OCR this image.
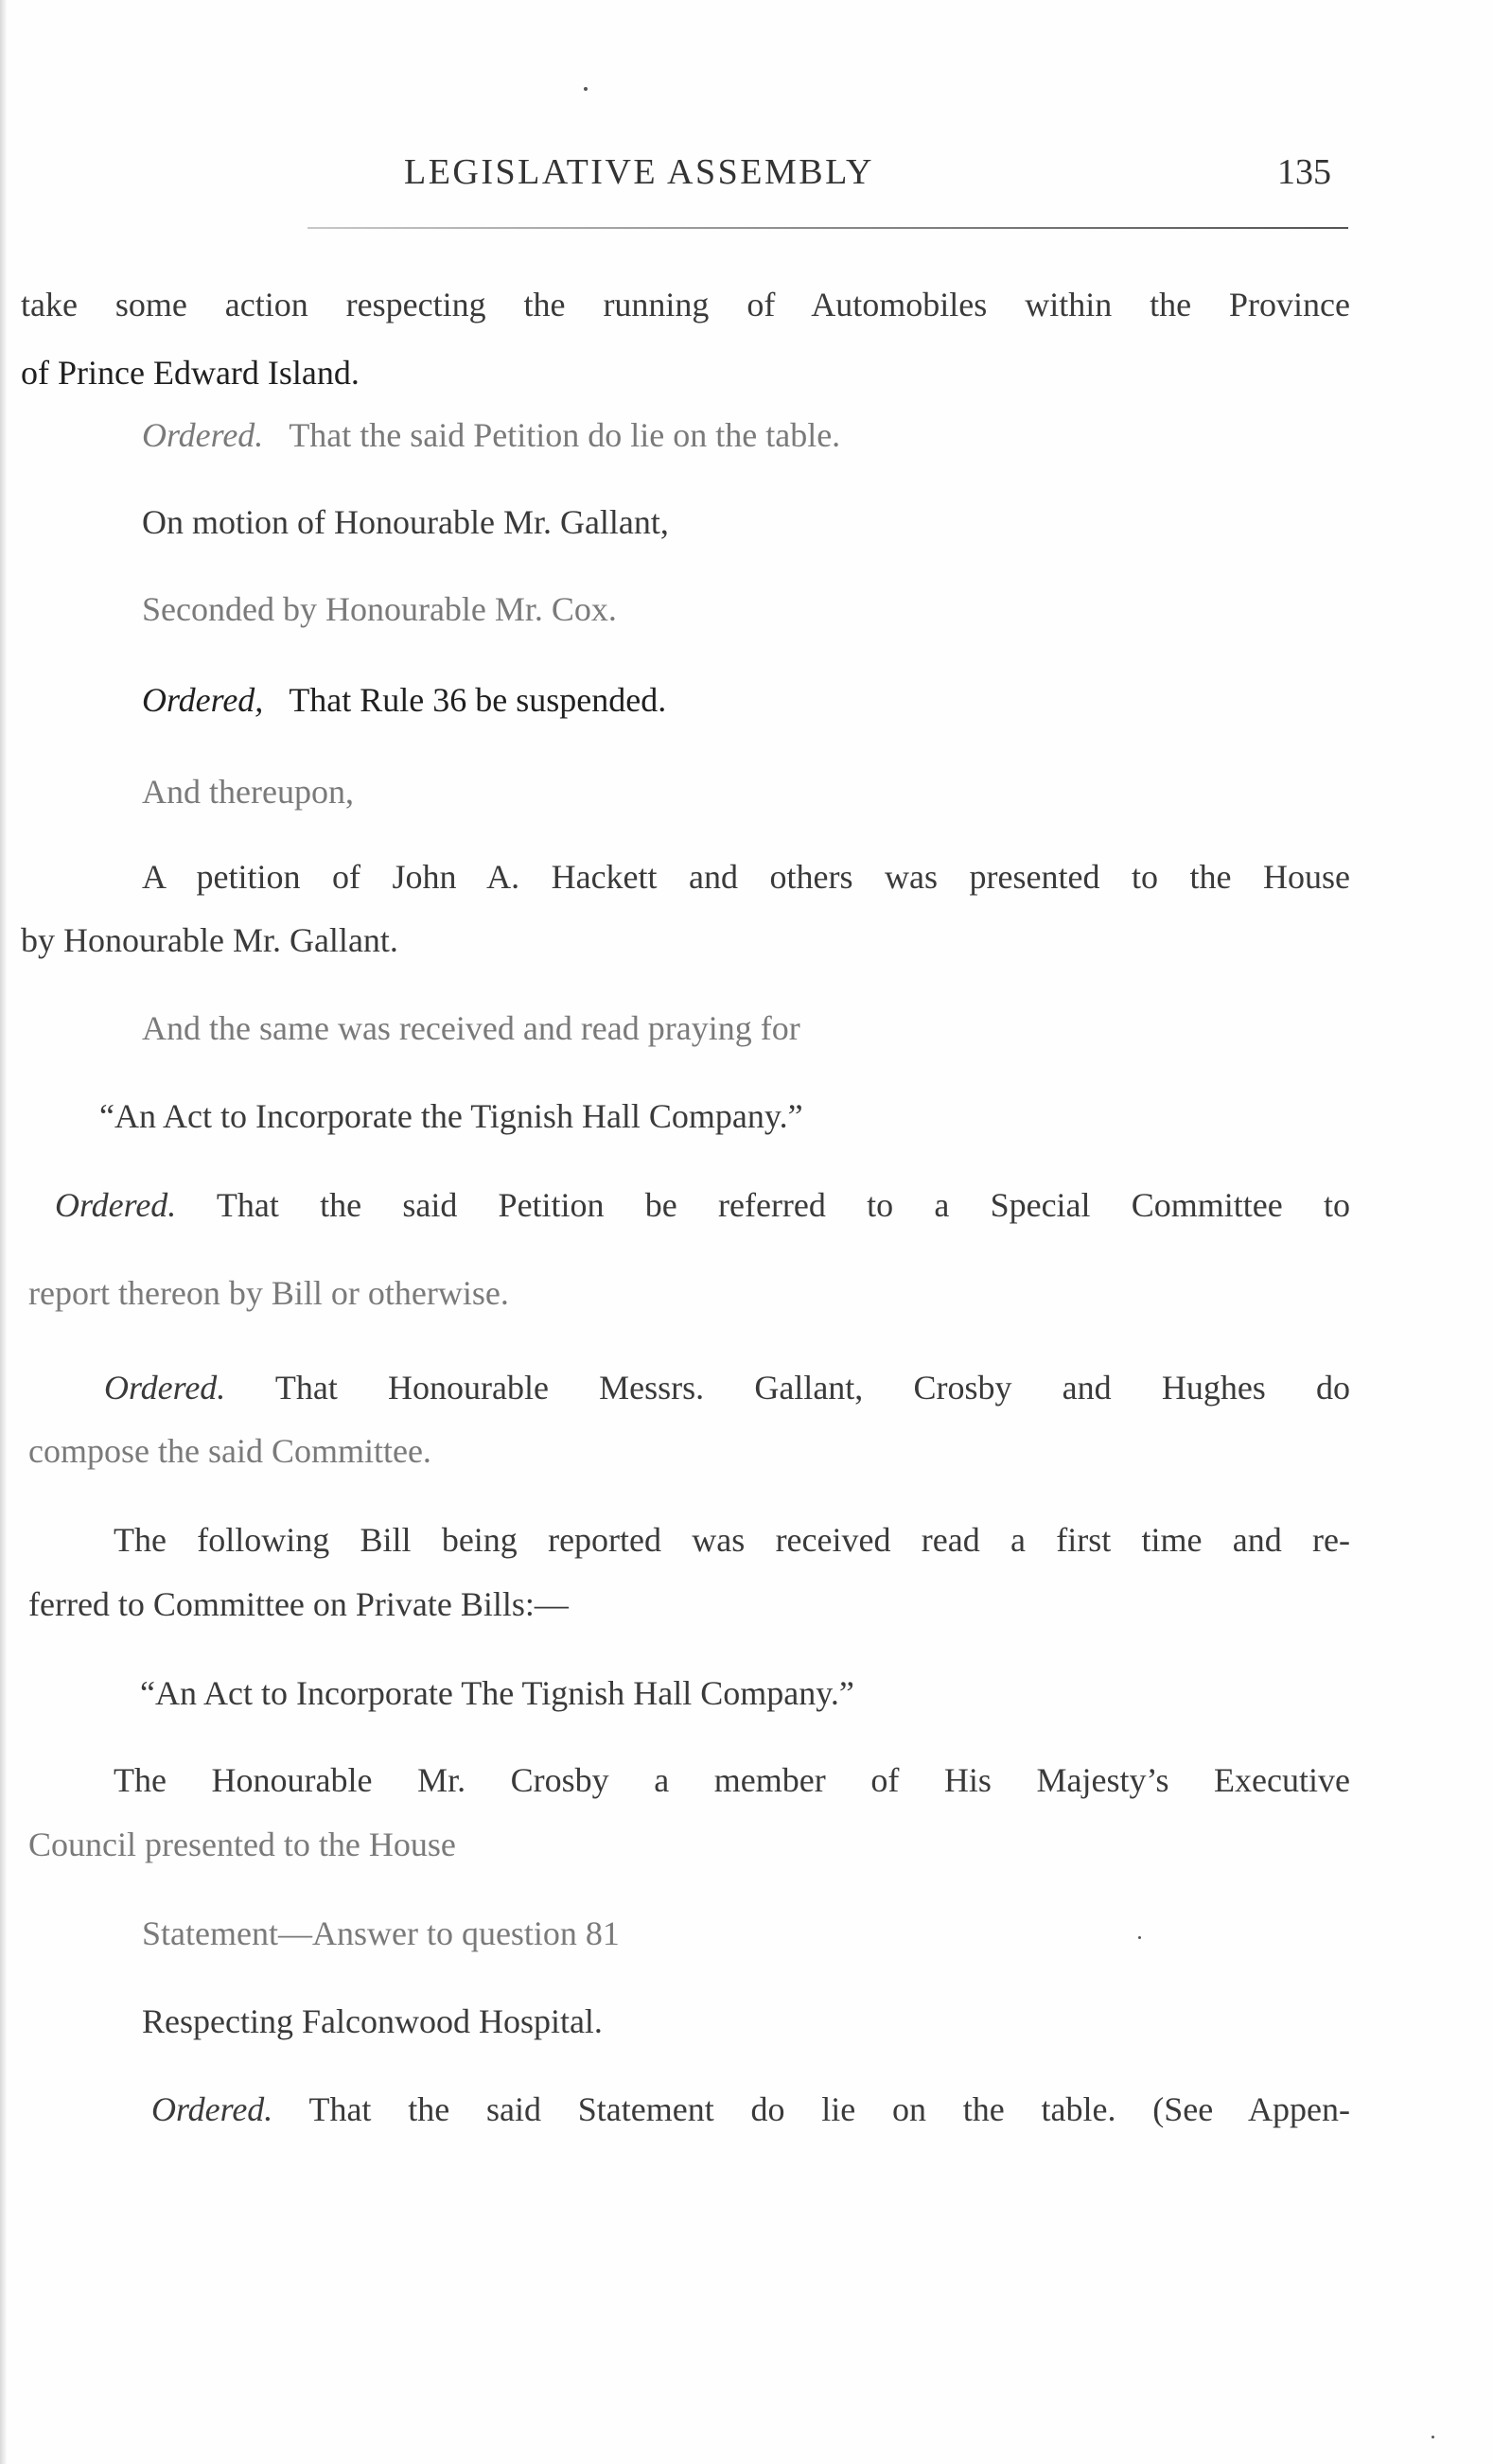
LEGISLATIVE ASSEMBLY	135
take some action respecting the running of Automobiles within the Province
of Prince Edward Island.
Ordered. That the said Petition do lie on the table.
On motion of Honourable Mr. Gallant,
Seconded by Honourable Mr. Cox.
Ordered, That Rule 36 be suspended.
And thereupon,
A petition of John A. Hackett and others was presented to the House
by Honourable Mr. Gallant.
And the same was received and read praying for
“An Act to Incorporate the Tignish Hall Company.”
Ordered. That the said Petition be referred to a Special Committee to
report thereon by Bill or otherwise.
Ordered. That Honourable Messrs. Gallant, Crosby and Hughes do
compose the said Committee.
The following Bill being reported was received read a first time and re-
ferred to Committee on Private Bills:—
“An Act to Incorporate The Tignish Hall Company.”
The Honourable Mr. Crosby a member of His Majesty’s Executive
Council presented to the House
Statement—Answer to question 81
Respecting Falconwood Hospital.
Ordered. That the said Statement do lie on the table. (See Appen-
